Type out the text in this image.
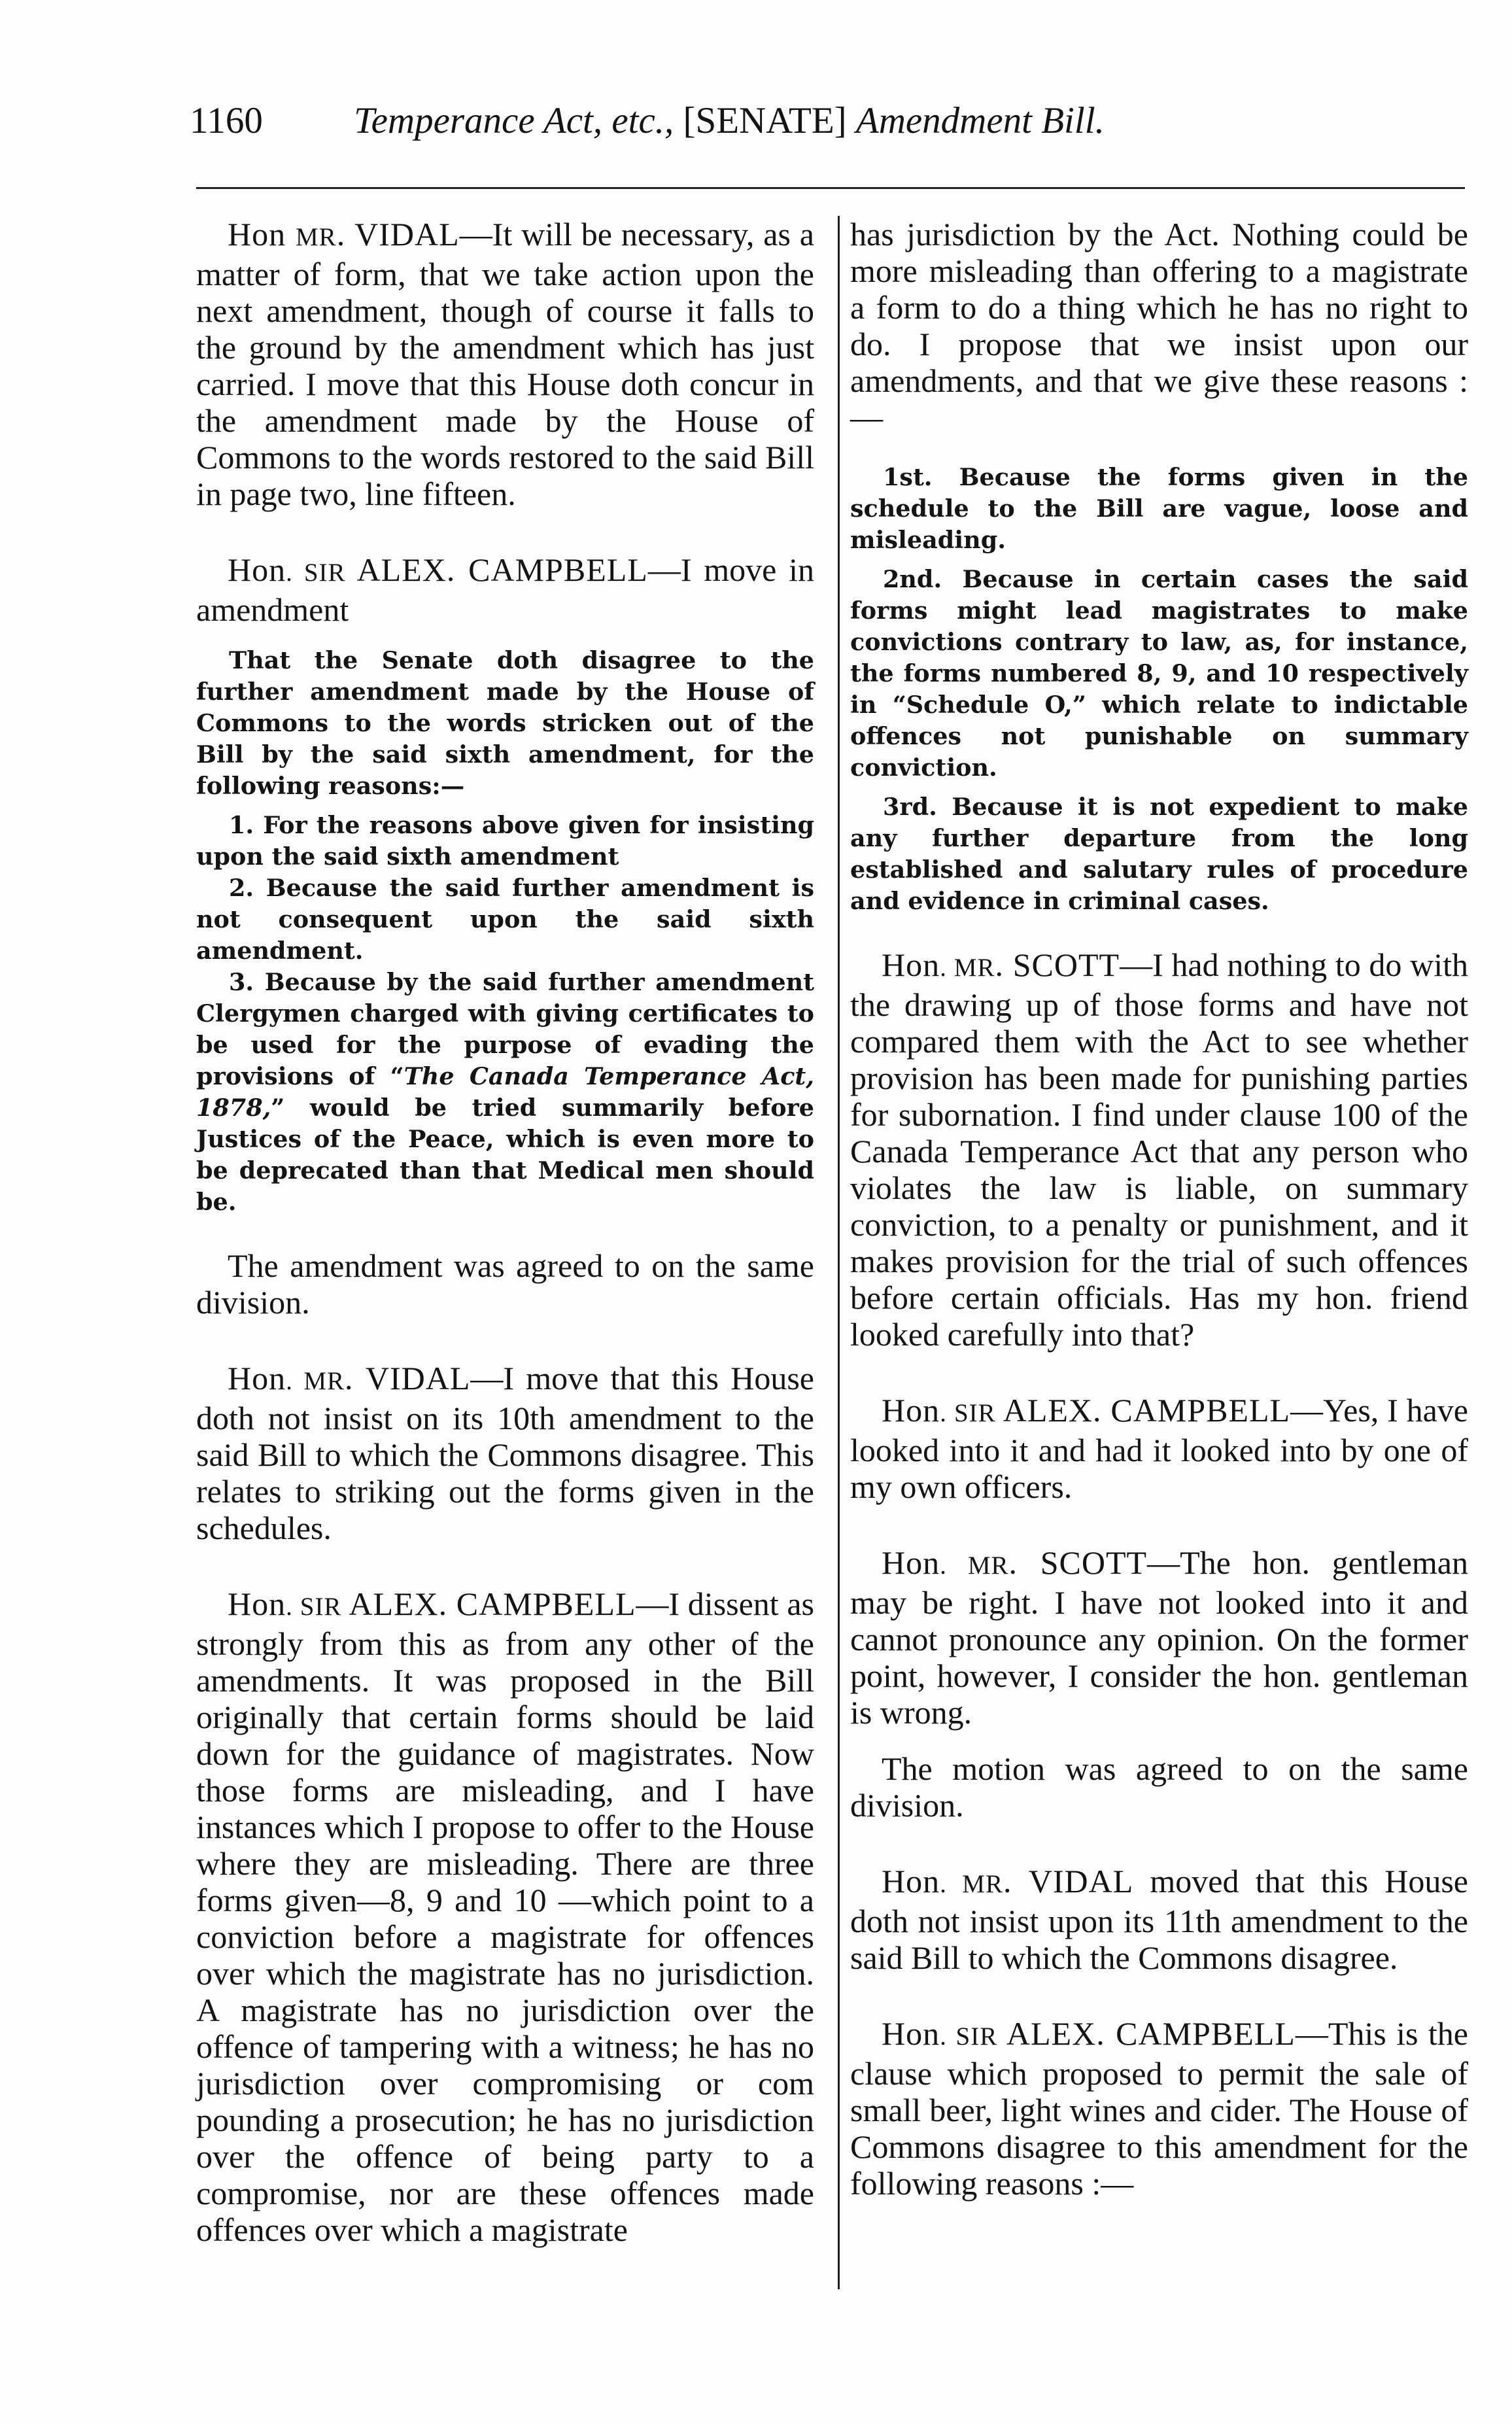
1160 Temperance Act, etc., [SENATE] Amendment Bill.

Hon MR. VIDAL—It will be necessary, as a matter of form, that we take action upon the next amendment, though of course it falls to the ground by the amendment which has just carried. I move that this House doth concur in the amendment made by the House of Commons to the words restored to the said Bill in page two, line fifteen.

Hon. SIR ALEX. CAMPBELL—I move in amendment

That the Senate doth disagree to the further amendment made by the House of Commons to the words stricken out of the Bill by the said sixth amendment, for the following reasons:—

1. For the reasons above given for insisting upon the said sixth amendment

2. Because the said further amendment is not consequent upon the said sixth amendment.

3. Because by the said further amendment Clergymen charged with giving certificates to be used for the purpose of evading the provisions of “The Canada Temperance Act, 1878,” would be tried summarily before Justices of the Peace, which is even more to be deprecated than that Medical men should be.

The amendment was agreed to on the same division.

Hon. MR. VIDAL—I move that this House doth not insist on its 10th amendment to the said Bill to which the Commons disagree. This relates to striking out the forms given in the schedules.

Hon. SIR ALEX. CAMPBELL—I dissent as strongly from this as from any other of the amendments. It was proposed in the Bill originally that certain forms should be laid down for the guidance of magistrates. Now those forms are misleading, and I have instances which I propose to offer to the House where they are misleading. There are three forms given—8, 9 and 10 —which point to a conviction before a magistrate for offences over which the magistrate has no jurisdiction. A magistrate has no jurisdiction over the offence of tampering with a witness; he has no jurisdiction over compromising or com pounding a prosecution; he has no jurisdiction over the offence of being party to a compromise, nor are these offences made offences over which a magistrate

has jurisdiction by the Act. Nothing could be more misleading than offering to a magistrate a form to do a thing which he has no right to do. I propose that we insist upon our amendments, and that we give these reasons :—

1st. Because the forms given in the schedule to the Bill are vague, loose and misleading.

2nd. Because in certain cases the said forms might lead magistrates to make convictions contrary to law, as, for instance, the forms numbered 8, 9, and 10 respectively in “Schedule O,” which relate to indictable offences not punishable on summary conviction.

3rd. Because it is not expedient to make any further departure from the long established and salutary rules of procedure and evidence in criminal cases.

Hon. MR. SCOTT—I had nothing to do with the drawing up of those forms and have not compared them with the Act to see whether provision has been made for punishing parties for subornation. I find under clause 100 of the Canada Temperance Act that any person who violates the law is liable, on summary conviction, to a penalty or punishment, and it makes provision for the trial of such offences before certain officials. Has my hon. friend looked carefully into that?

Hon. SIR ALEX. CAMPBELL—Yes, I have looked into it and had it looked into by one of my own officers.

Hon. MR. SCOTT—The hon. gentleman may be right. I have not looked into it and cannot pronounce any opinion. On the former point, however, I consider the hon. gentleman is wrong.

The motion was agreed to on the same division.

Hon. MR. VIDAL moved that this House doth not insist upon its 11th amendment to the said Bill to which the Commons disagree.

Hon. SIR ALEX. CAMPBELL—This is the clause which proposed to permit the sale of small beer, light wines and cider. The House of Commons disagree to this amendment for the following reasons :—
